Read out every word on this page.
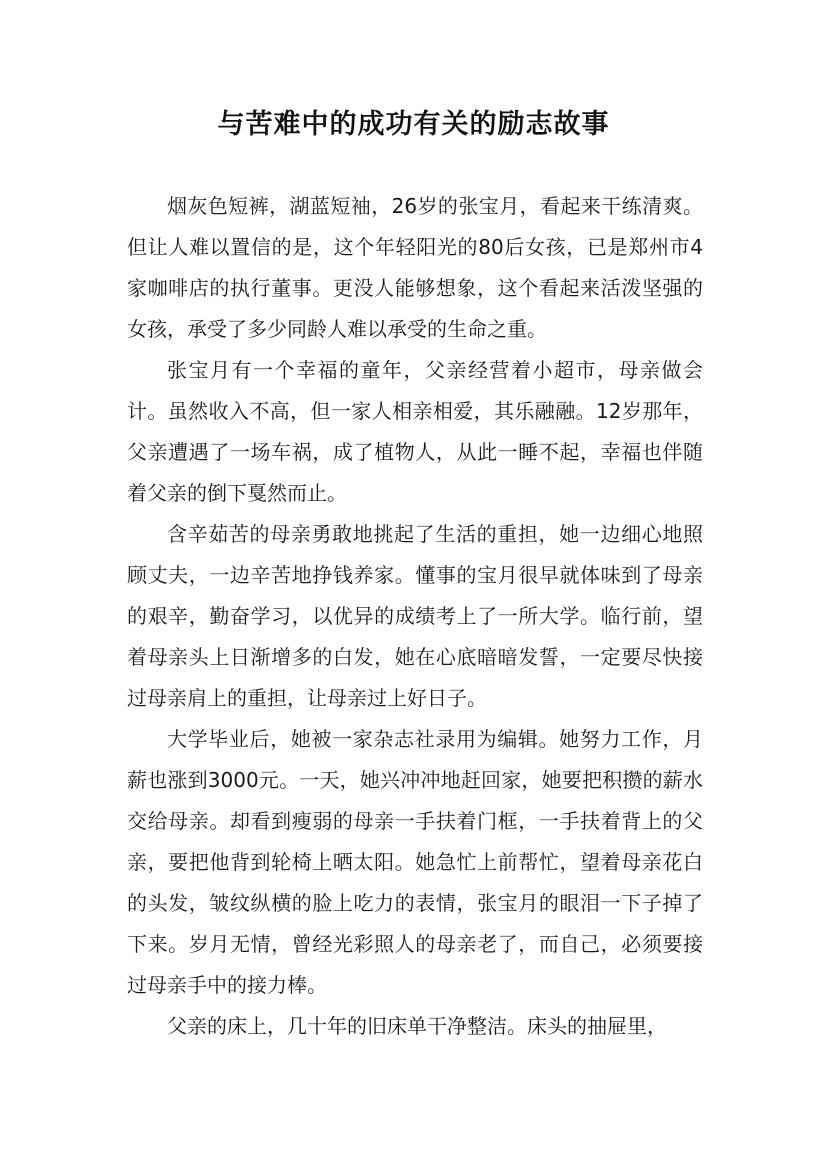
与苦难中的成功有关的励志故事

烟灰色短裤，湖蓝短袖，26岁的张宝月，看起来干练清爽。但让人难以置信的是，这个年轻阳光的80后女孩，已是郑州市4家咖啡店的执行董事。更没人能够想象，这个看起来活泼坚强的女孩，承受了多少同龄人难以承受的生命之重。

张宝月有一个幸福的童年，父亲经营着小超市，母亲做会计。虽然收入不高，但一家人相亲相爱，其乐融融。12岁那年，父亲遭遇了一场车祸，成了植物人，从此一睡不起，幸福也伴随着父亲的倒下戛然而止。

含辛茹苦的母亲勇敢地挑起了生活的重担，她一边细心地照顾丈夫，一边辛苦地挣钱养家。懂事的宝月很早就体味到了母亲的艰辛，勤奋学习，以优异的成绩考上了一所大学。临行前，望着母亲头上日渐增多的白发，她在心底暗暗发誓，一定要尽快接过母亲肩上的重担，让母亲过上好日子。

大学毕业后，她被一家杂志社录用为编辑。她努力工作，月薪也涨到3000元。一天，她兴冲冲地赶回家，她要把积攒的薪水交给母亲。却看到瘦弱的母亲一手扶着门框，一手扶着背上的父亲，要把他背到轮椅上晒太阳。她急忙上前帮忙，望着母亲花白的头发，皱纹纵横的脸上吃力的表情，张宝月的眼泪一下子掉了下来。岁月无情，曾经光彩照人的母亲老了，而自己，必须要接过母亲手中的接力棒。

父亲的床上，几十年的旧床单干净整洁。床头的抽屉里，
